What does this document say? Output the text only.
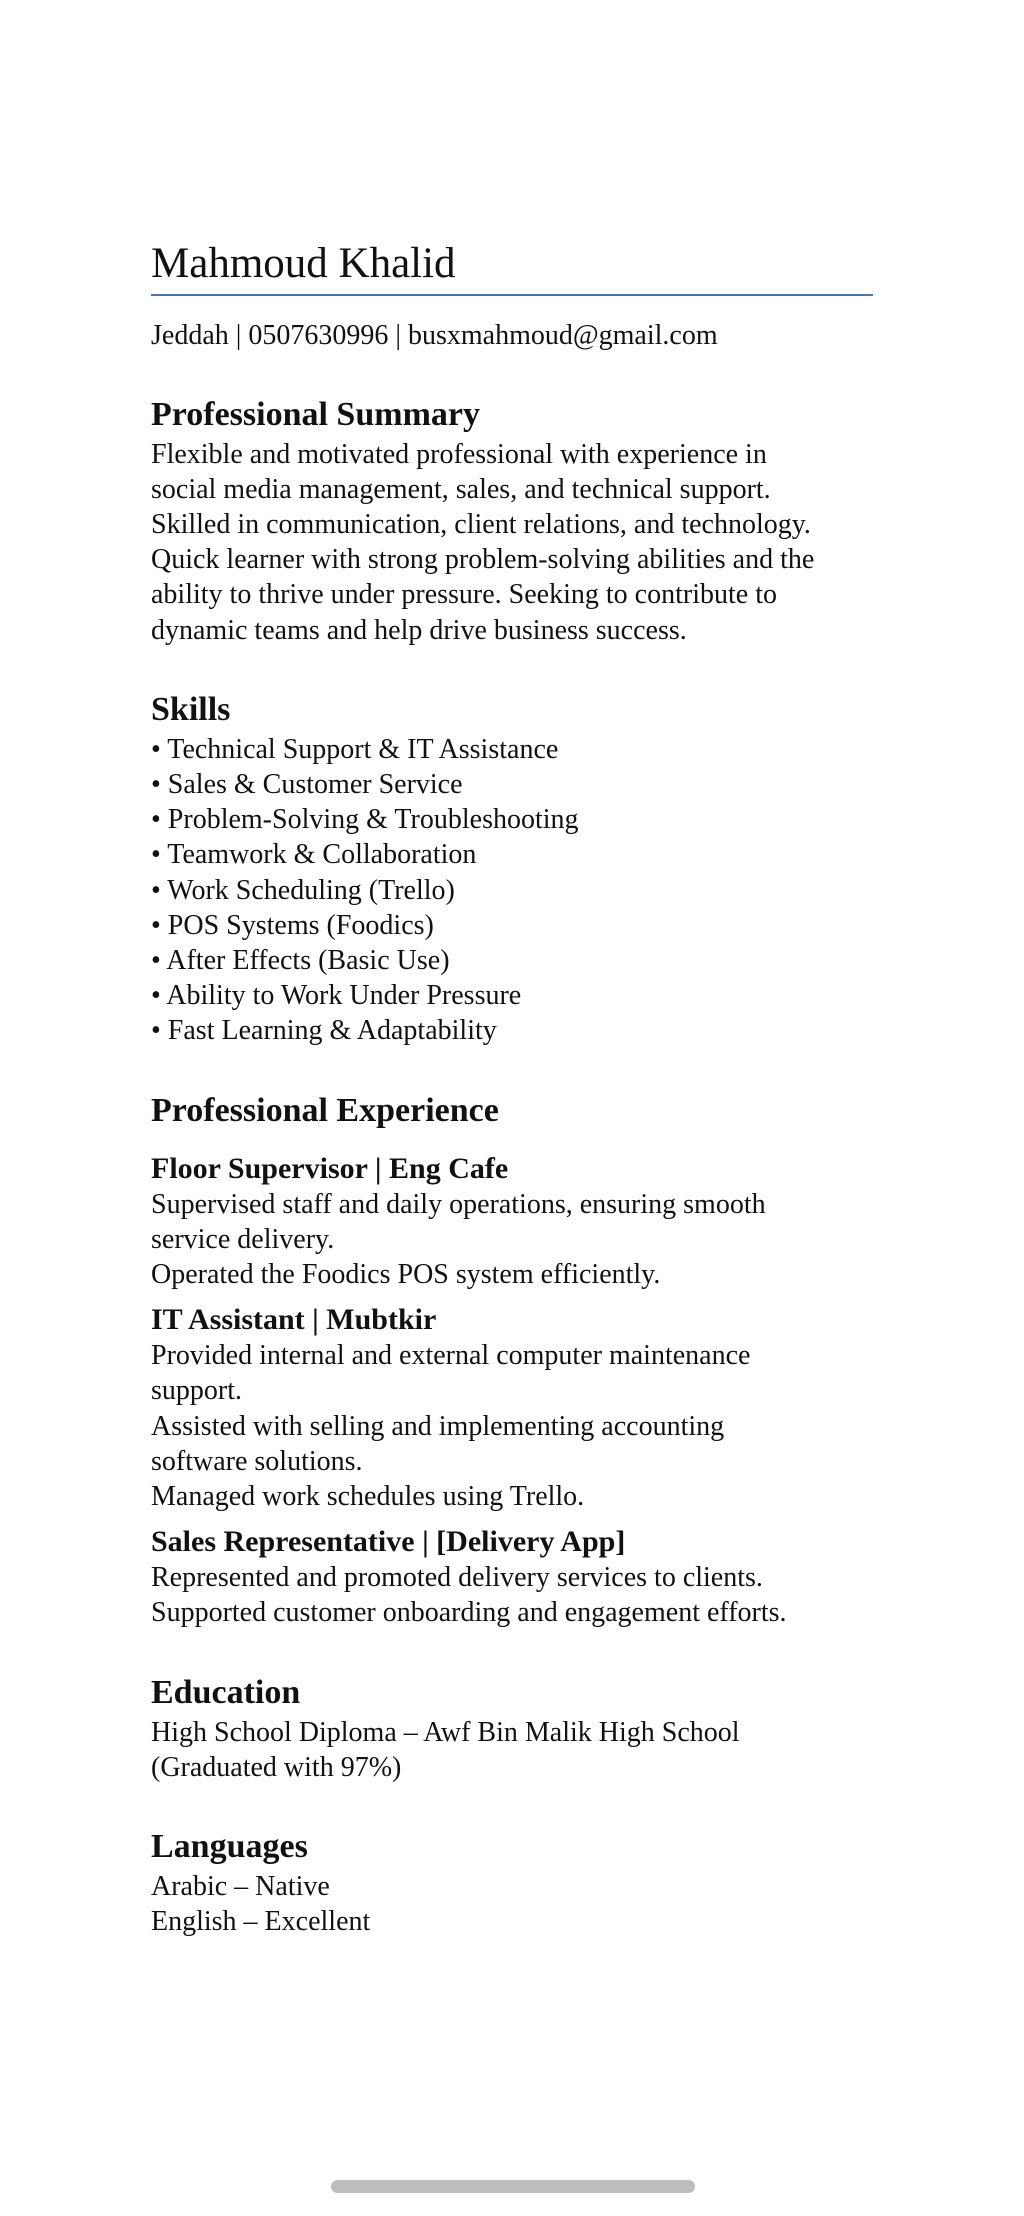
Mahmoud Khalid

Jeddah | 0507630996 | busxmahmoud@gmail.com

Professional Summary

Flexible and motivated professional with experience in

social media management, sales, and technical support.

Skilled in communication, client relations, and technology.

Quick learner with strong problem-solving abilities and the

ability to thrive under pressure. Seeking to contribute to

dynamic teams and help drive business success.

Skills
• Technical Support & IT Assistance
• Sales & Customer Service
• Problem-Solving & Troubleshooting
• Teamwork & Collaboration
• Work Scheduling (Trello)
• POS Systems (Foodics)
• After Effects (Basic Use)
• Ability to Work Under Pressure
• Fast Learning & Adaptability
Professional Experience
Floor Supervisor | Eng Cafe

Supervised staff and daily operations, ensuring smooth

service delivery.

Operated the Foodics POS system efficiently.

IT Assistant | Mubtkir

Provided internal and external computer maintenance

support.

Assisted with selling and implementing accounting

software solutions.

Managed work schedules using Trello.

Sales Representative | [Delivery App]

Represented and promoted delivery services to clients.

Supported customer onboarding and engagement efforts.

Education

High School Diploma – Awf Bin Malik High School

(Graduated with 97%)

Languages

Arabic – Native

English – Excellent
